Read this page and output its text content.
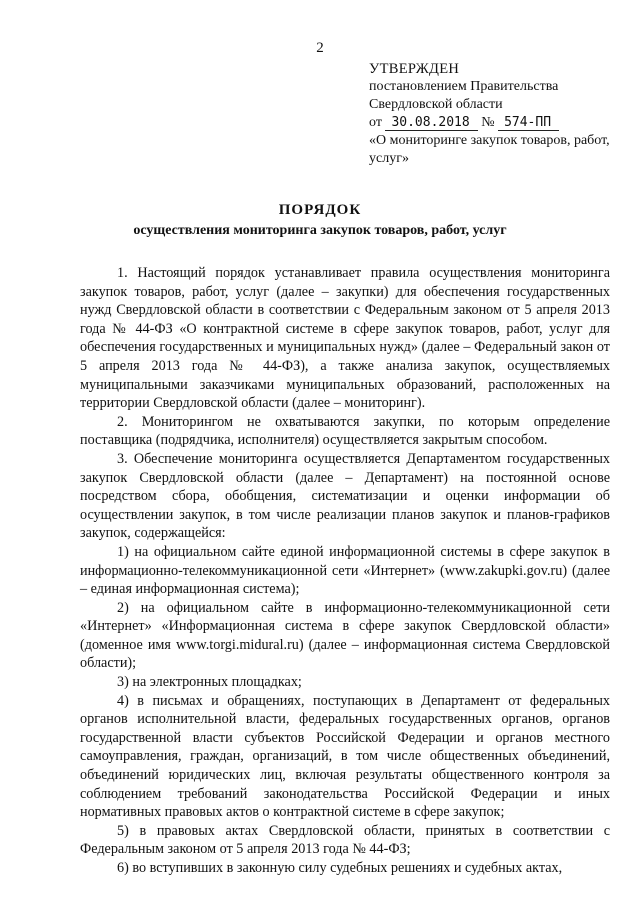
2
УТВЕРЖДЕН
постановлением Правительства
Свердловской области
от 30.08.2018 № 574-ПП
«О мониторинге закупок товаров, работ, услуг»
ПОРЯДОК
осуществления мониторинга закупок товаров, работ, услуг

1. Настоящий порядок устанавливает правила осуществления мониторинга закупок товаров, работ, услуг (далее – закупки) для обеспечения государственных нужд Свердловской области в соответствии с Федеральным законом от 5 апреля 2013 года № 44-ФЗ «О контрактной системе в сфере закупок товаров, работ, услуг для обеспечения государственных и муниципальных нужд» (далее – Федеральный закон от 5 апреля 2013 года № 44-ФЗ), а также анализа закупок, осуществляемых муниципальными заказчиками муниципальных образований, расположенных на территории Свердловской области (далее – мониторинг).

2. Мониторингом не охватываются закупки, по которым определение поставщика (подрядчика, исполнителя) осуществляется закрытым способом.

3. Обеспечение мониторинга осуществляется Департаментом государственных закупок Свердловской области (далее – Департамент) на постоянной основе посредством сбора, обобщения, систематизации и оценки информации об осуществлении закупок, в том числе реализации планов закупок и планов-графиков закупок, содержащейся:

1) на официальном сайте единой информационной системы в сфере закупок в информационно-телекоммуникационной сети «Интернет» (www.zakupki.gov.ru) (далее – единая информационная система);

2) на официальном сайте в информационно-телекоммуникационной сети «Интернет» «Информационная система в сфере закупок Свердловской области» (доменное имя www.torgi.midural.ru) (далее – информационная система Свердловской области);

3) на электронных площадках;

4) в письмах и обращениях, поступающих в Департамент от федеральных органов исполнительной власти, федеральных государственных органов, органов государственной власти субъектов Российской Федерации и органов местного самоуправления, граждан, организаций, в том числе общественных объединений, объединений юридических лиц, включая результаты общественного контроля за соблюдением требований законодательства Российской Федерации и иных нормативных правовых актов о контрактной системе в сфере закупок;

5) в правовых актах Свердловской области, принятых в соответствии с Федеральным законом от 5 апреля 2013 года № 44-ФЗ;

6) во вступивших в законную силу судебных решениях и судебных актах,
